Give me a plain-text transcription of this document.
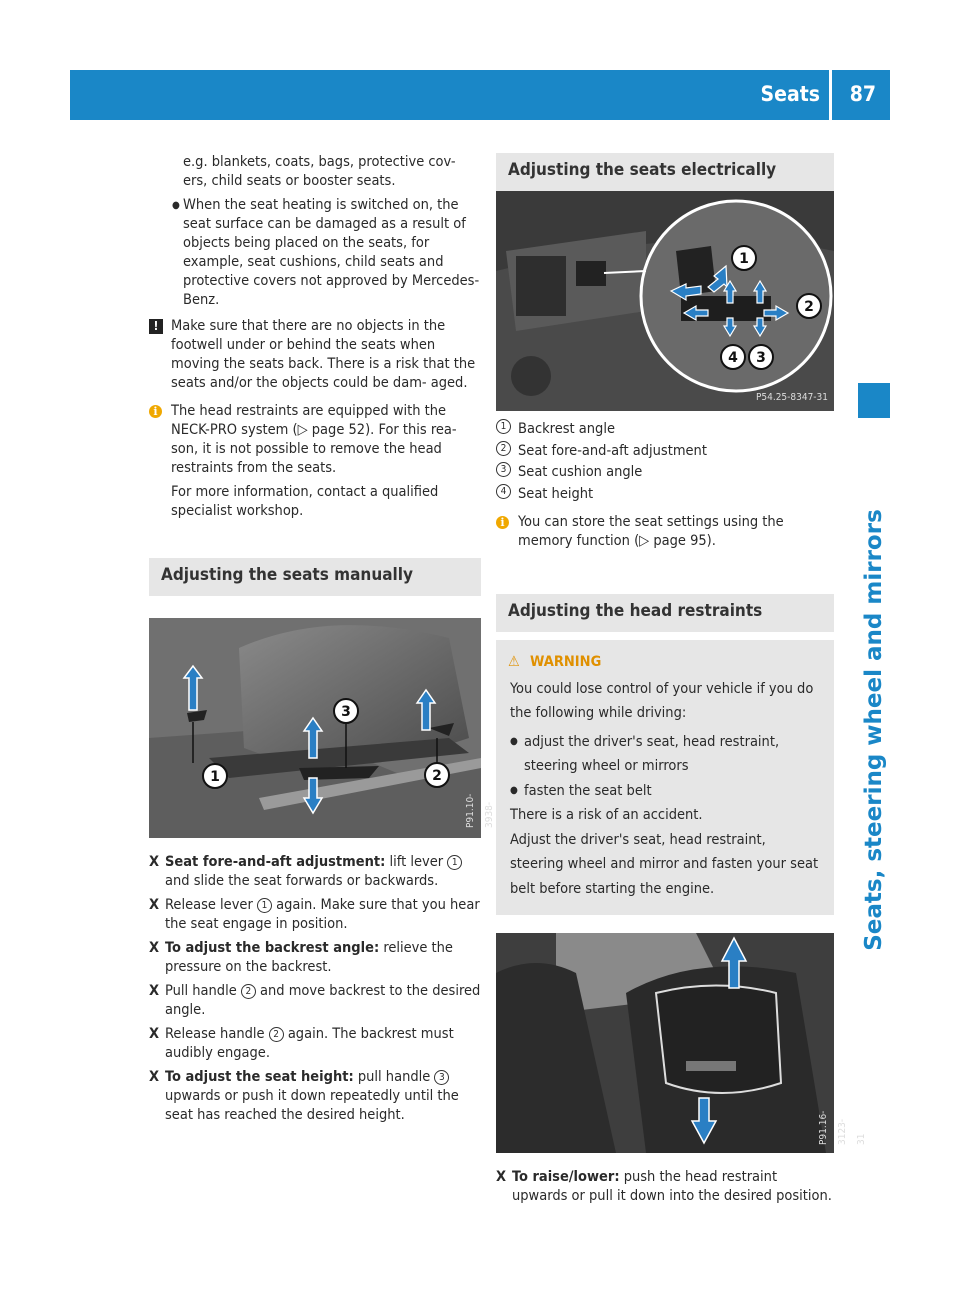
Seats 87
Seats, steering wheel and mirrors

e.g. blankets, coats, bags, protective cov- ers, child seats or booster seats.

● When the seat heating is switched on, the seat surface can be damaged as a result of objects being placed on the seats, for example, seat cushions, child seats and protective covers not approved by Mercedes-Benz.

! Make sure that there are no objects in the footwell under or behind the seats when moving the seats back. There is a risk that the seats and/or the objects could be dam- aged.

i The head restraints are equipped with the NECK-PRO system (▷ page 52). For this rea- son, it is not possible to remove the head restraints from the seats.

For more information, contact a qualified specialist workshop.

Adjusting the seats manually
1
3
2
P91.10-3938-
X Seat fore-and-aft adjustment: lift lever 1 and slide the seat forwards or backwards.
X Release lever 1 again. Make sure that you hear the seat engage in position.
X To adjust the backrest angle: relieve the pressure on the backrest.
X Pull handle 2 and move backrest to the desired angle.
X Release handle 2 again. The backrest must audibly engage.
X To adjust the seat height: pull handle 3 upwards or push it down repeatedly until the seat has reached the desired height.
Adjusting the seats electrically
1
2
4 3
P54.25-8347-31
1 Backrest angle
2 Seat fore-and-aft adjustment
3 Seat cushion angle
4 Seat height
i You can store the seat settings using the memory function (▷ page 95).

Adjusting the head restraints
⚠ WARNING

You could lose control of your vehicle if you do the following while driving:

● adjust the driver's seat, head restraint, steering wheel or mirrors

● fasten the seat belt

There is a risk of an accident.

Adjust the driver's seat, head restraint, steering wheel and mirror and fasten your seat belt before starting the engine.

P91.16-3123-31
X To raise/lower: push the head restraint upwards or pull it down into the desired position.
